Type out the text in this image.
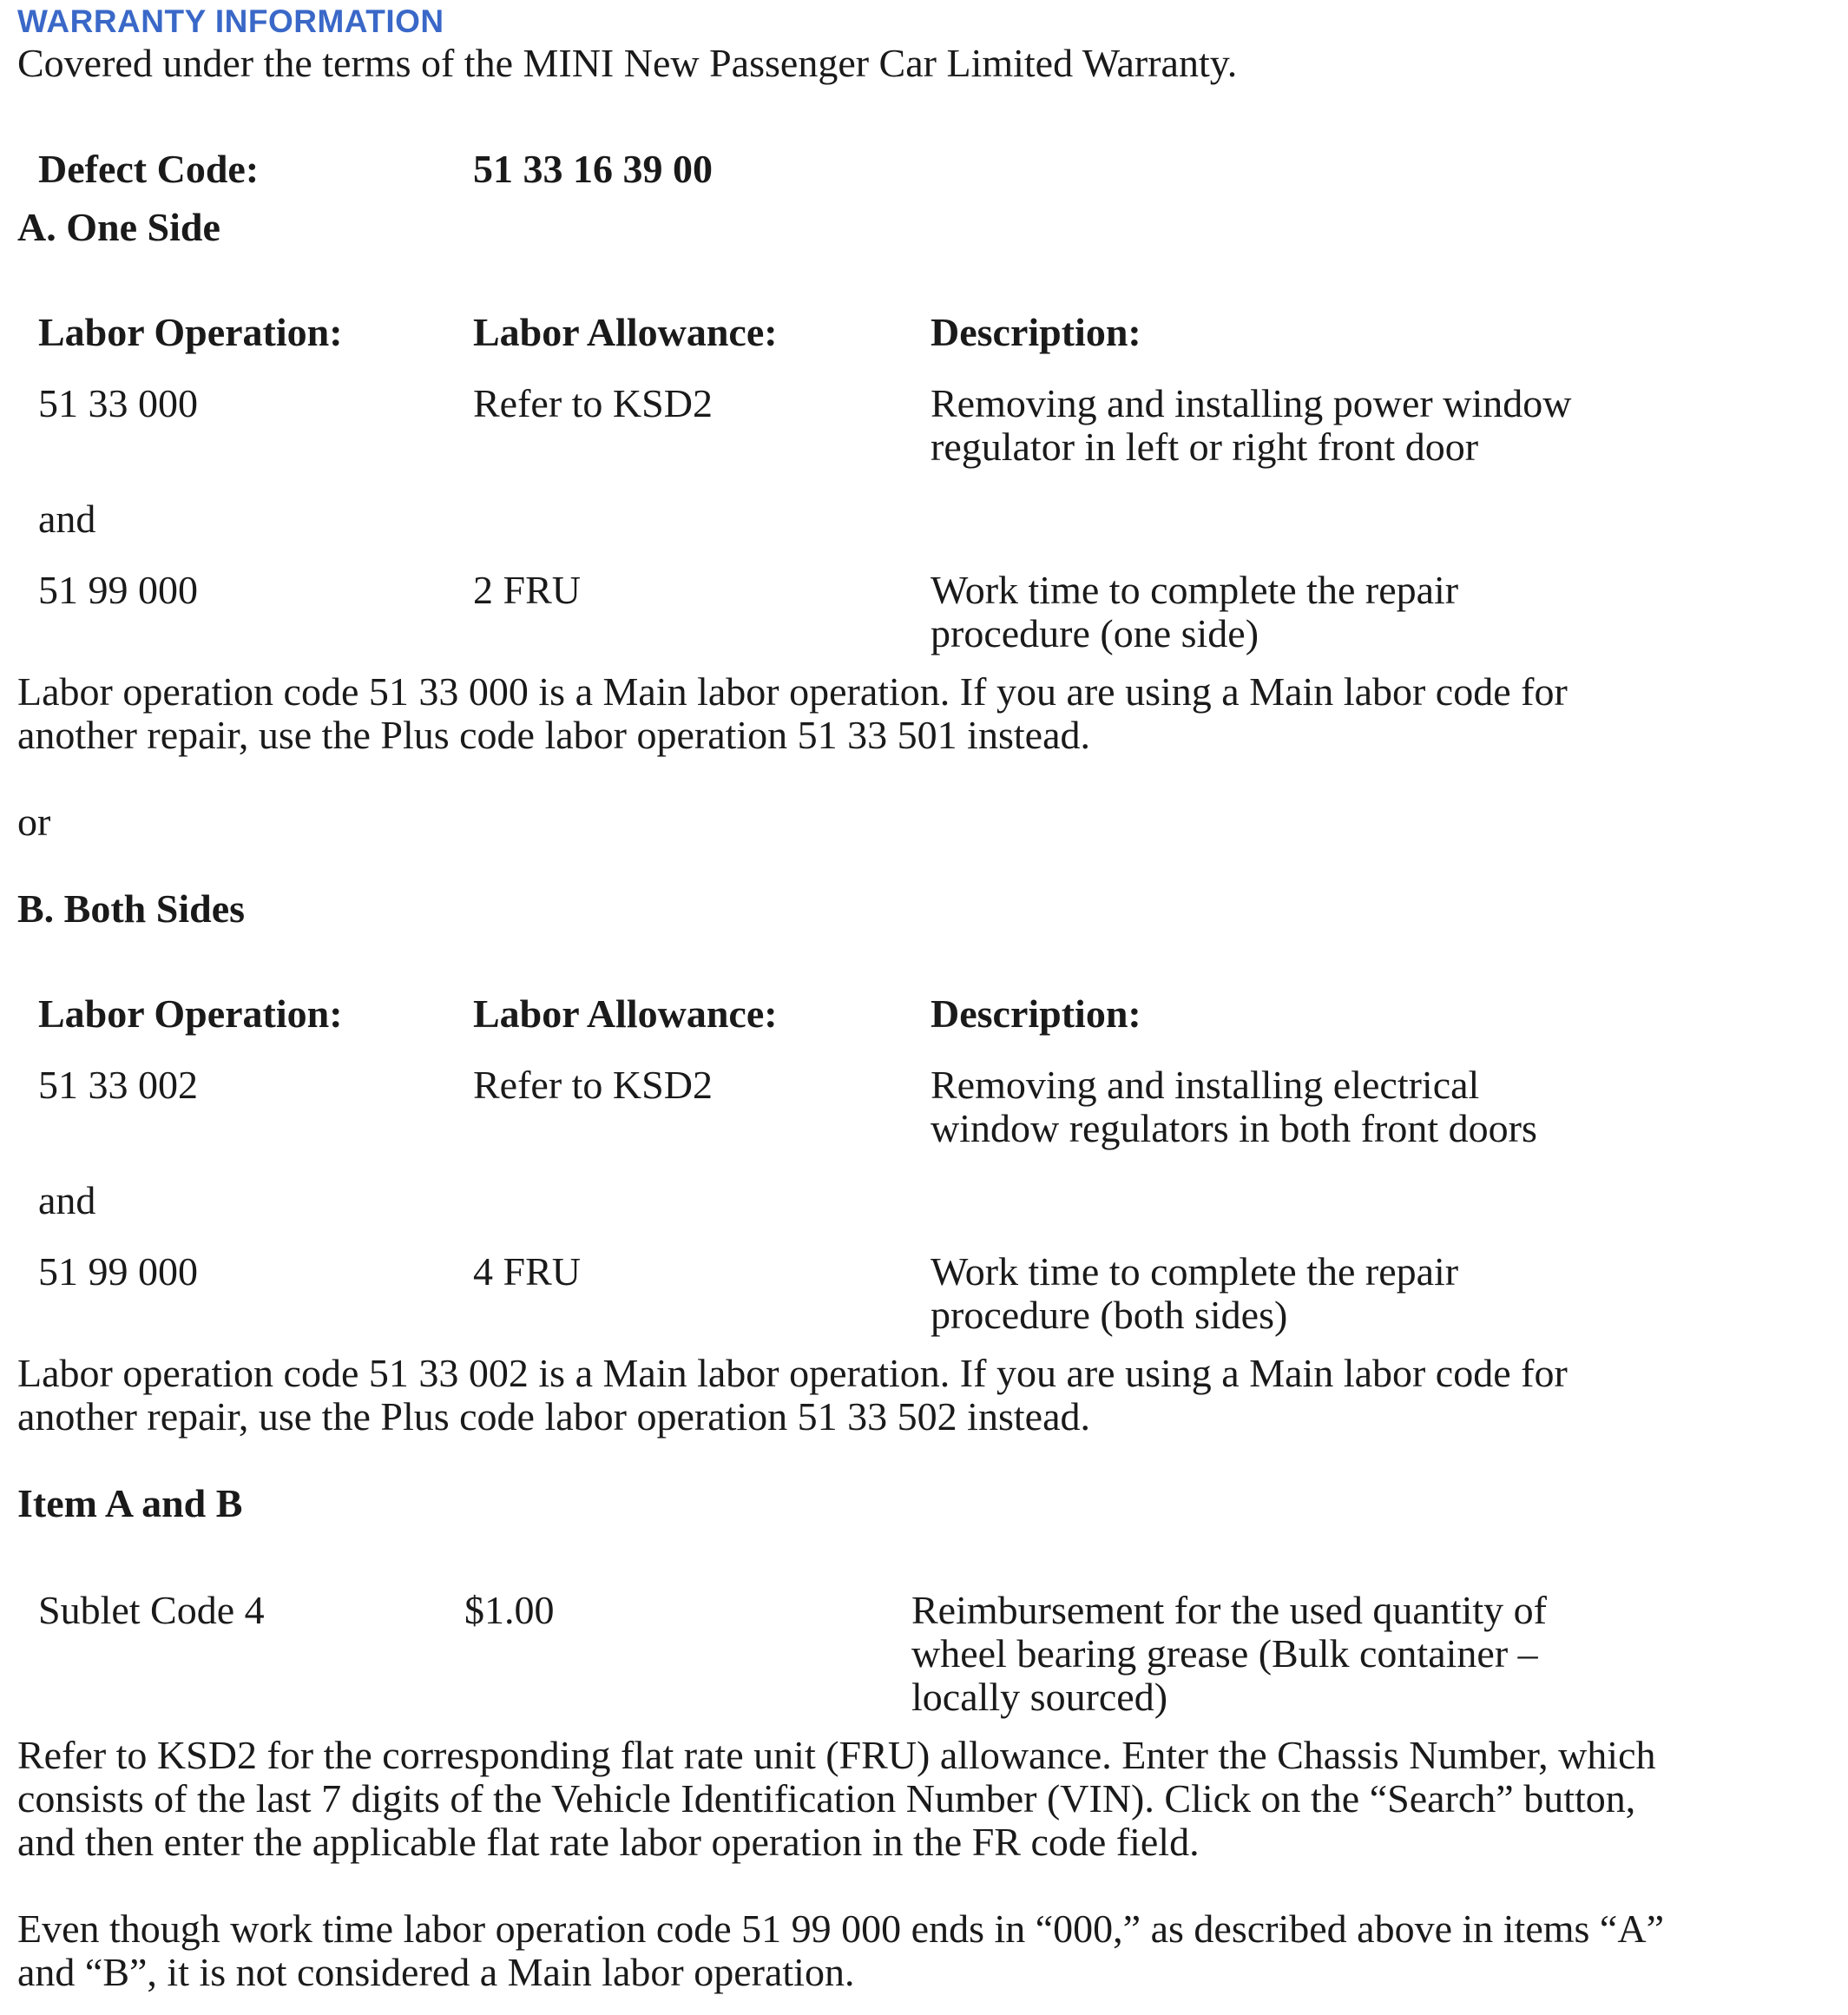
WARRANTY INFORMATION
Covered under the terms of the MINI New Passenger Car Limited Warranty.
Defect Code:	51 33 16 39 00
A. One Side
Labor Operation:	Labor Allowance:	Description:
51 33 000	Refer to KSD2	Removing and installing power window
regulator in left or right front door
and
51 99 000	2 FRU	Work time to complete the repair
procedure (one side)
Labor operation code 51 33 000 is a Main labor operation. If you are using a Main labor code for
another repair, use the Plus code labor operation 51 33 501 instead.
or
B. Both Sides
Labor Operation:	Labor Allowance:	Description:
51 33 002	Refer to KSD2	Removing and installing electrical
window regulators in both front doors
and
51 99 000	4 FRU	Work time to complete the repair
procedure (both sides)
Labor operation code 51 33 002 is a Main labor operation. If you are using a Main labor code for
another repair, use the Plus code labor operation 51 33 502 instead.
Item A and B
Sublet Code 4	$1.00	Reimbursement for the used quantity of
wheel bearing grease (Bulk container –
locally sourced)
Refer to KSD2 for the corresponding flat rate unit (FRU) allowance. Enter the Chassis Number, which
consists of the last 7 digits of the Vehicle Identification Number (VIN). Click on the “Search” button,
and then enter the applicable flat rate labor operation in the FR code field.
Even though work time labor operation code 51 99 000 ends in “000,” as described above in items “A”
and “B”, it is not considered a Main labor operation.
